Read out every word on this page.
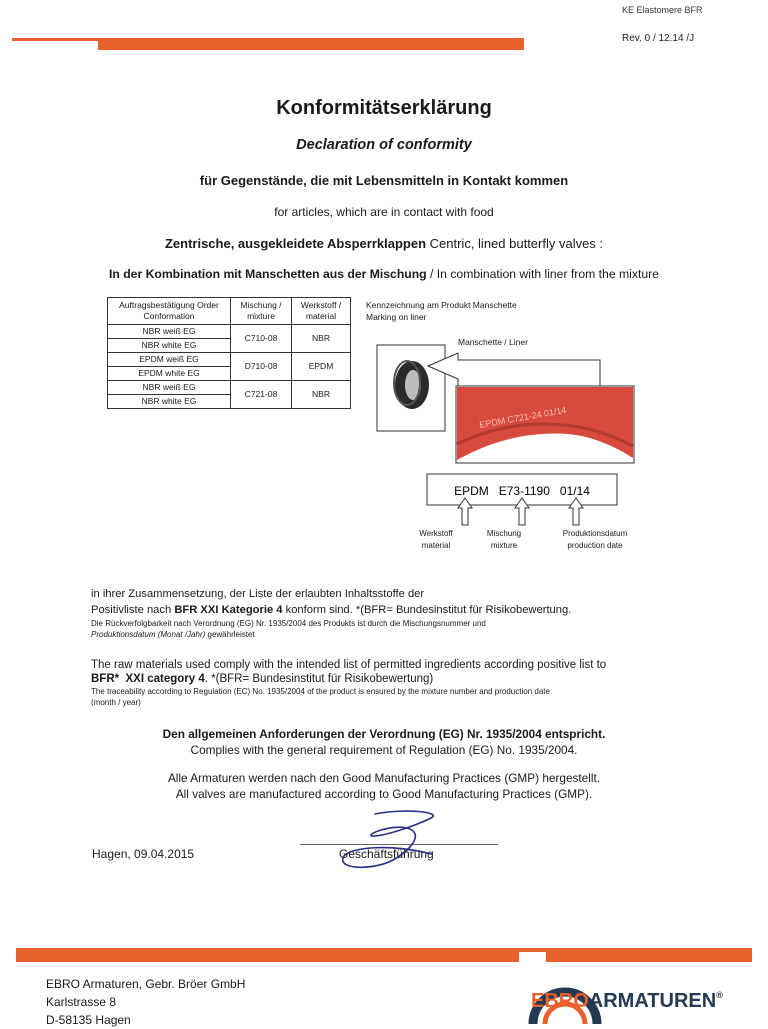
KE Elastomere BFR
Rev. 0 / 12.14 /J
Konformitätserklärung
Declaration of conformity
für Gegenstände, die mit Lebensmitteln in Kontakt kommen
for articles, which are in contact with food
Zentrische, ausgekleidete Absperrklappen Centric, lined butterfly valves :
In der Kombination mit Manschetten aus der Mischung / In combination with liner from the mixture
Auftragsbestätigung Order Conformation	Mischung / mixture	Werkstoff / material
NBR weiß EG	C710-08	NBR
NBR white EG		
EPDM weiß EG	D710-08	EPDM
EPDM white EG		
NBR weiß EG	C721-08	NBR
NBR white EG		
Kennzeichnung am Produkt Manschette
Marking on liner
Manschette / Liner
EPDM C721-24 01/14
EPDM   E73-1190   01/14
Werkstoff
material
Mischung
mixture
Produktionsdatum
production date
in ihrer Zusammensetzung, der Liste der erlaubten Inhaltsstoffe der
Positivliste nach BFR XXI Kategorie 4 konform sind. *(BFR= Bundesinstitut für Risikobewertung.
Die Rückverfolgbarkeit nach Verordnung (EG) Nr. 1935/2004 des Produkts ist durch die Mischungsnummer und
Produktionsdatum (Monat /Jahr) gewährleistet
The raw materials used comply with the intended list of permitted ingredients according positive list to
BFR*  XXI category 4. *(BFR= Bundesinstitut für Risikobewertung)
The traceability according to Regulation (EC) No. 1935/2004 of the product is ensured by the mixture number and production date
(month / year)
Den allgemeinen Anforderungen der Verordnung (EG) Nr. 1935/2004 entspricht.
Complies with the general requirement of Regulation (EG) No. 1935/2004.
Alle Armaturen werden nach den Good Manufacturing Practices (GMP) hergestellt.
All valves are manufactured according to Good Manufacturing Practices (GMP).
Hagen, 09.04.2015	Geschäftsführung
EBRO Armaturen, Gebr. Bröer GmbH
Karlstrasse 8
D-58135 Hagen
EBROARMATUREN®
